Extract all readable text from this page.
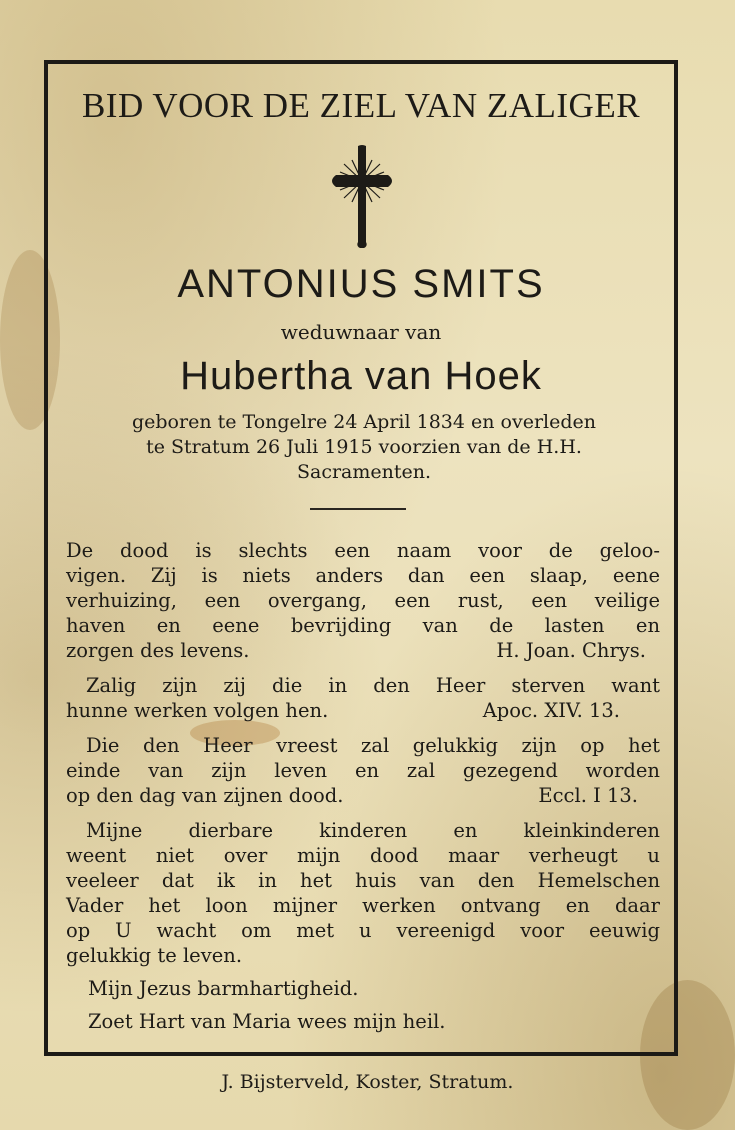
BID VOOR DE ZIEL VAN ZALIGER
ANTONIUS SMITS
weduwnaar van
Hubertha van Hoek
geboren te Tongelre 24 April 1834 en overleden
te Stratum 26 Juli 1915 voorzien van de H.H.
Sacramenten.
De dood is slechts een naam voor de geloo-
vigen. Zij is niets anders dan een slaap, eene
verhuizing, een overgang, een rust, een veilige
haven en eene bevrijding van de lasten en
zorgen des levens.	H. Joan. Chrys.
Zalig zijn zij die in den Heer sterven want
hunne werken volgen hen.	Apoc. XIV. 13.
Die den Heer vreest zal gelukkig zijn op het
einde van zijn leven en zal gezegend worden
op den dag van zijnen dood.	Eccl. I 13.
Mijne dierbare kinderen en kleinkinderen
weent niet over mijn dood maar verheugt u
veeleer dat ik in het huis van den Hemelschen
Vader het loon mijner werken ontvang en daar
op U wacht om met u vereenigd voor eeuwig
gelukkig te leven.
Mijn Jezus barmhartigheid.
Zoet Hart van Maria wees mijn heil.
J. Bijsterveld, Koster, Stratum.
